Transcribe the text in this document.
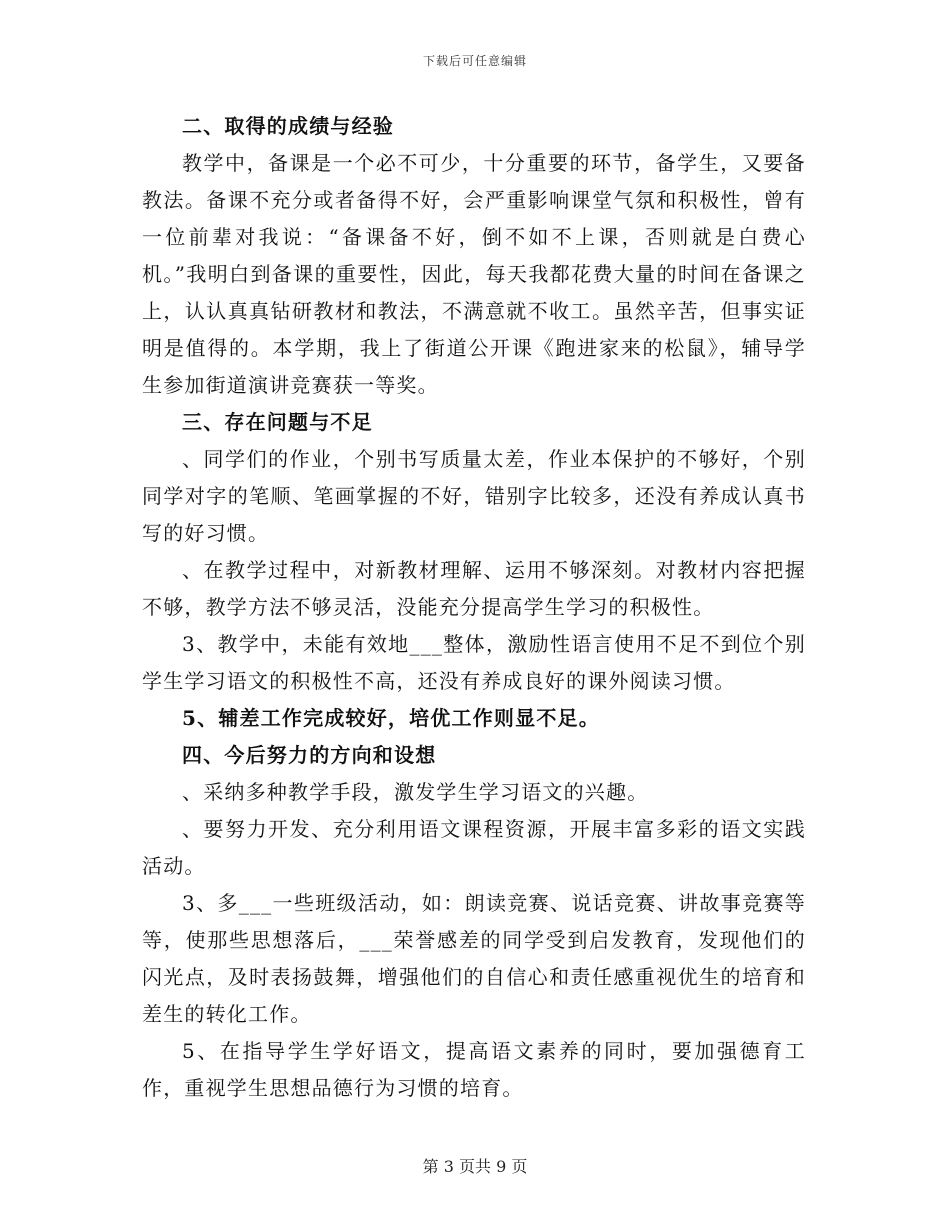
下载后可任意编辑

二、取得的成绩与经验

教学中，备课是一个必不可少，十分重要的环节，备学生，又要备教法。备课不充分或者备得不好，会严重影响课堂气氛和积极性，曾有一位前辈对我说：“备课备不好，倒不如不上课，否则就是白费心机。”我明白到备课的重要性，因此，每天我都花费大量的时间在备课之上，认认真真钻研教材和教法，不满意就不收工。虽然辛苦，但事实证明是值得的。本学期，我上了街道公开课《跑进家来的松鼠》，辅导学生参加街道演讲竞赛获一等奖。

三、存在问题与不足

、同学们的作业，个别书写质量太差，作业本保护的不够好，个别同学对字的笔顺、笔画掌握的不好，错别字比较多，还没有养成认真书写的好习惯。

、在教学过程中，对新教材理解、运用不够深刻。对教材内容把握不够，教学方法不够灵活，没能充分提高学生学习的积极性。

3、教学中，未能有效地___整体，激励性语言使用不足不到位个别学生学习语文的积极性不高，还没有养成良好的课外阅读习惯。

5、辅差工作完成较好，培优工作则显不足。

四、今后努力的方向和设想

、采纳多种教学手段，激发学生学习语文的兴趣。

、要努力开发、充分利用语文课程资源，开展丰富多彩的语文实践活动。

3、多___一些班级活动，如：朗读竞赛、说话竞赛、讲故事竞赛等等，使那些思想落后，___荣誉感差的同学受到启发教育，发现他们的闪光点，及时表扬鼓舞，增强他们的自信心和责任感重视优生的培育和差生的转化工作。

5、在指导学生学好语文，提高语文素养的同时，要加强德育工作，重视学生思想品德行为习惯的培育。

第 3 页共 9 页
